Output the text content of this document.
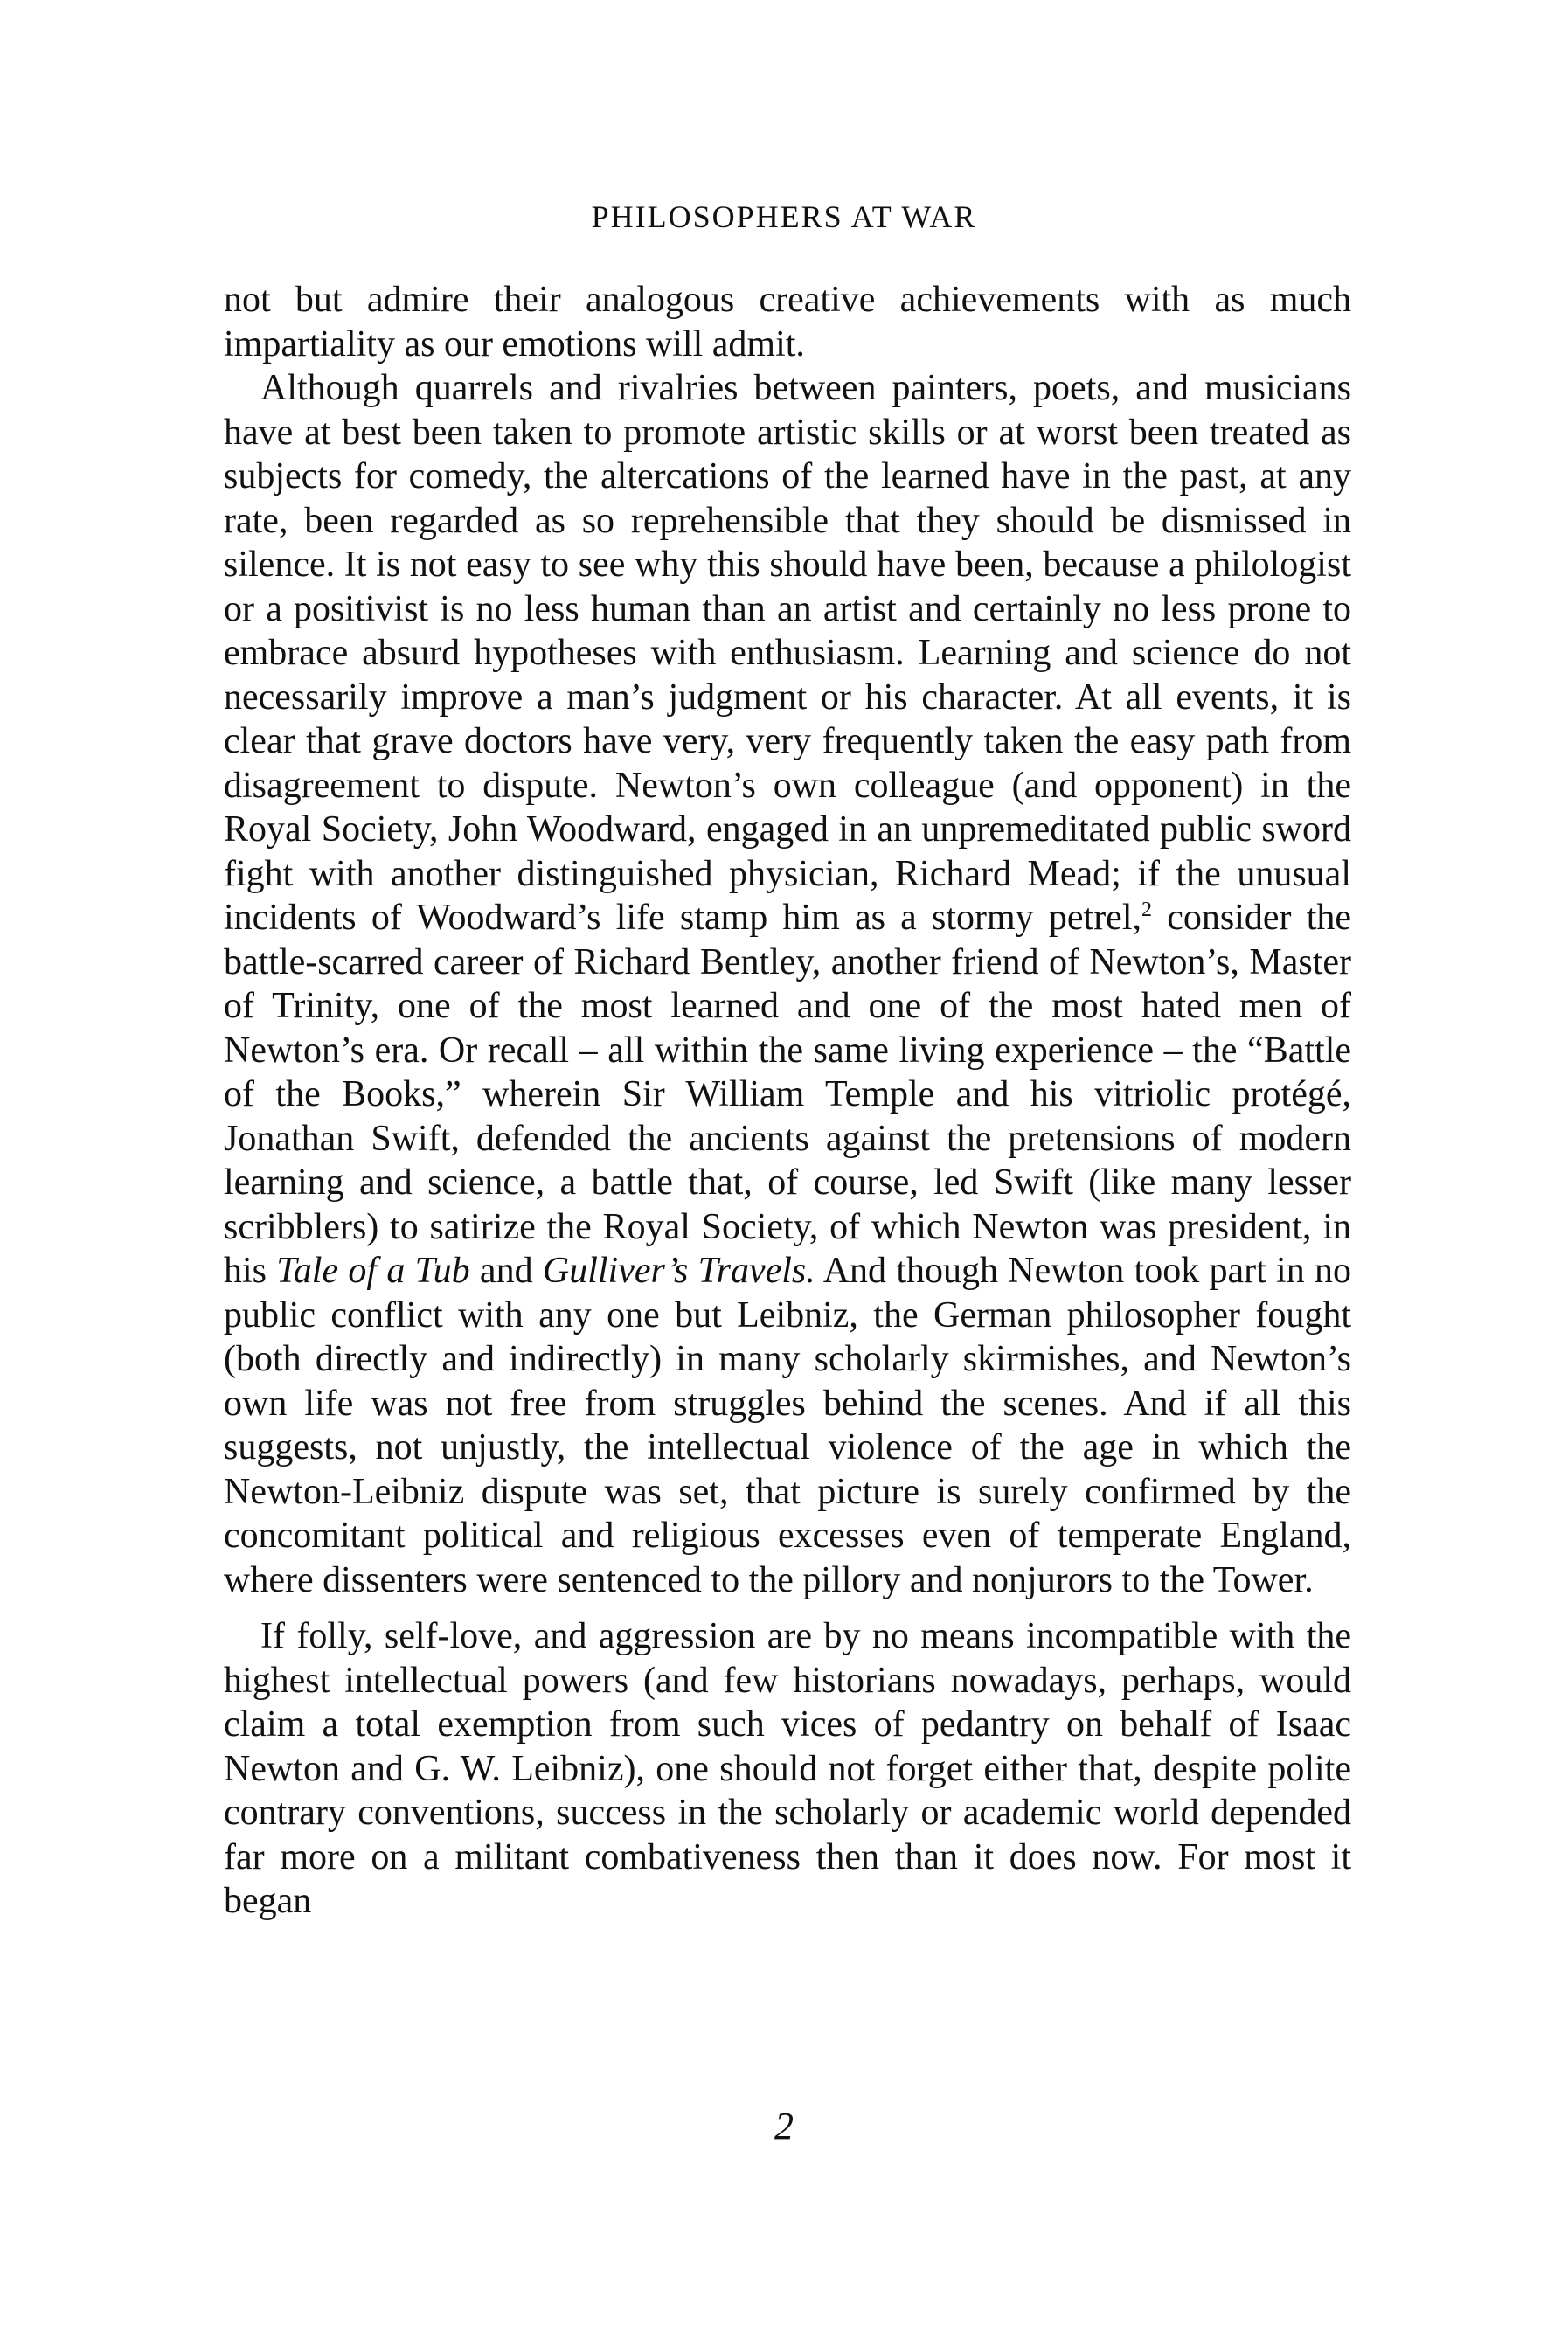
PHILOSOPHERS AT WAR

not but admire their analogous creative achievements with as much impartiality as our emotions will admit.

Although quarrels and rivalries between painters, poets, and musicians have at best been taken to promote artistic skills or at worst been treated as subjects for comedy, the altercations of the learned have in the past, at any rate, been regarded as so reprehensible that they should be dismissed in silence. It is not easy to see why this should have been, because a philologist or a positivist is no less human than an artist and certainly no less prone to embrace absurd hypotheses with enthusiasm. Learning and science do not necessarily improve a man’s judgment or his character. At all events, it is clear that grave doctors have very, very frequently taken the easy path from disagreement to dispute. Newton’s own colleague (and opponent) in the Royal Society, John Woodward, engaged in an unpremeditated public sword fight with another distinguished physician, Richard Mead; if the unusual incidents of Woodward’s life stamp him as a stormy petrel,$^2$ consider the battle-scarred career of Richard Bentley, another friend of Newton’s, Master of Trinity, one of the most learned and one of the most hated men of Newton’s era. Or recall – all within the same living experience – the “Battle of the Books,” wherein Sir William Temple and his vitriolic protégé, Jonathan Swift, defended the ancients against the pretensions of modern learning and science, a battle that, of course, led Swift (like many lesser scribblers) to satirize the Royal Society, of which Newton was president, in his Tale of a Tub and Gulliver’s Travels. And though Newton took part in no public conflict with any one but Leibniz, the German philosopher fought (both directly and indirectly) in many scholarly skirmishes, and Newton’s own life was not free from struggles behind the scenes. And if all this suggests, not unjustly, the intellectual violence of the age in which the Newton-Leibniz dispute was set, that picture is surely confirmed by the concomitant political and religious excesses even of temperate England, where dissenters were sentenced to the pillory and nonjurors to the Tower.

If folly, self-love, and aggression are by no means incompatible with the highest intellectual powers (and few historians nowadays, perhaps, would claim a total exemption from such vices of pedantry on behalf of Isaac Newton and G. W. Leibniz), one should not forget either that, despite polite contrary conventions, success in the scholarly or academic world depended far more on a militant combativeness then than it does now. For most it began

2
